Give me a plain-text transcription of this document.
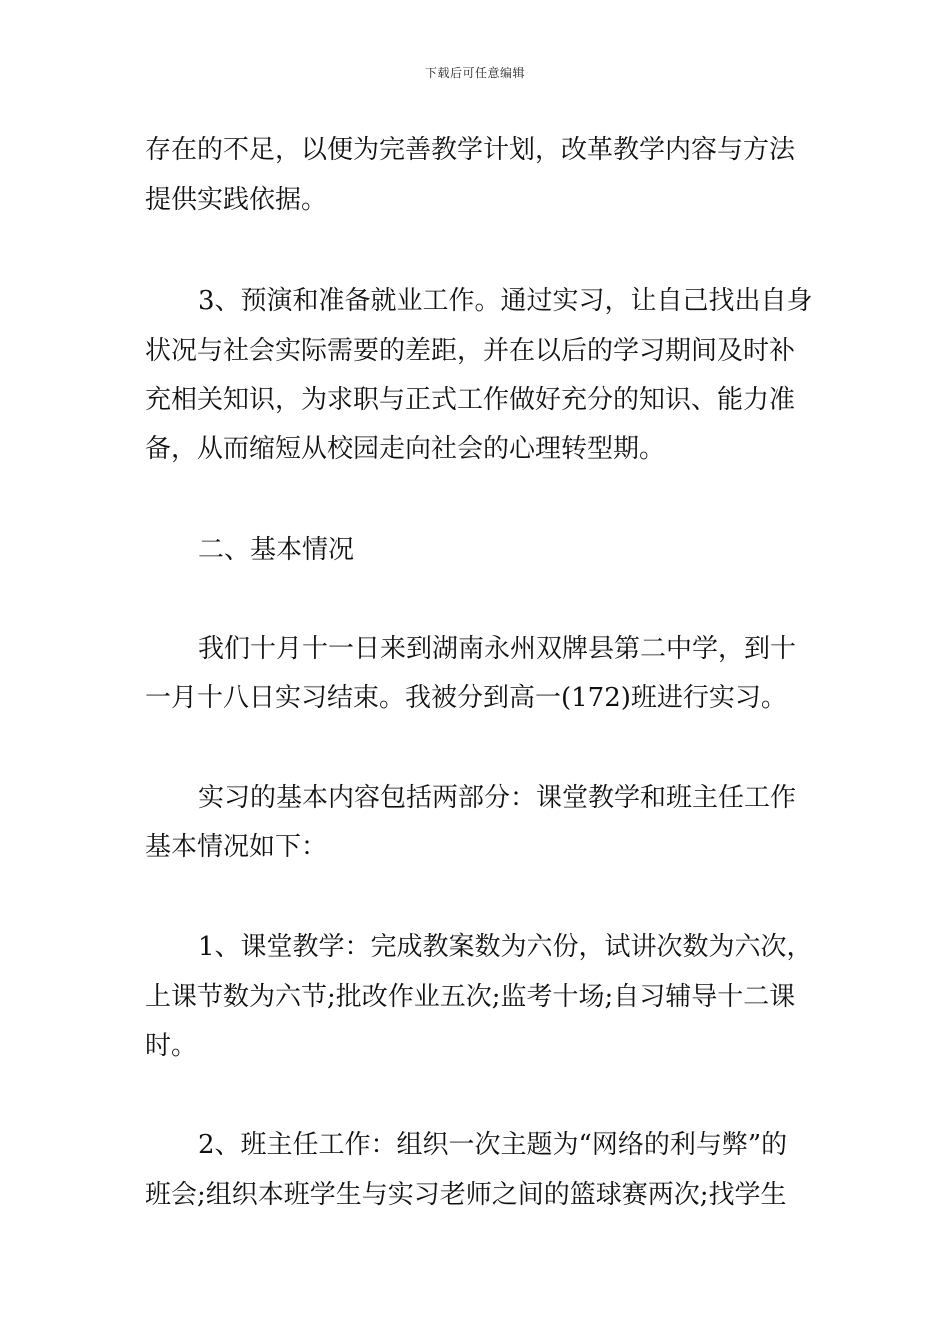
下载后可任意编辑
存在的不足，以便为完善教学计划，改革教学内容与方法
提供实践依据。
3、预演和准备就业工作。通过实习，让自己找出自身
状况与社会实际需要的差距，并在以后的学习期间及时补
充相关知识，为求职与正式工作做好充分的知识、能力准
备，从而缩短从校园走向社会的心理转型期。
二、基本情况
我们十月十一日来到湖南永州双牌县第二中学，到十
一月十八日实习结束。我被分到高一(172)班进行实习。
实习的基本内容包括两部分：课堂教学和班主任工作
基本情况如下：
1、课堂教学：完成教案数为六份，试讲次数为六次，
上课节数为六节;批改作业五次;监考十场;自习辅导十二课
时。
2、班主任工作：组织一次主题为“网络的利与弊”的
班会;组织本班学生与实习老师之间的篮球赛两次;找学生
